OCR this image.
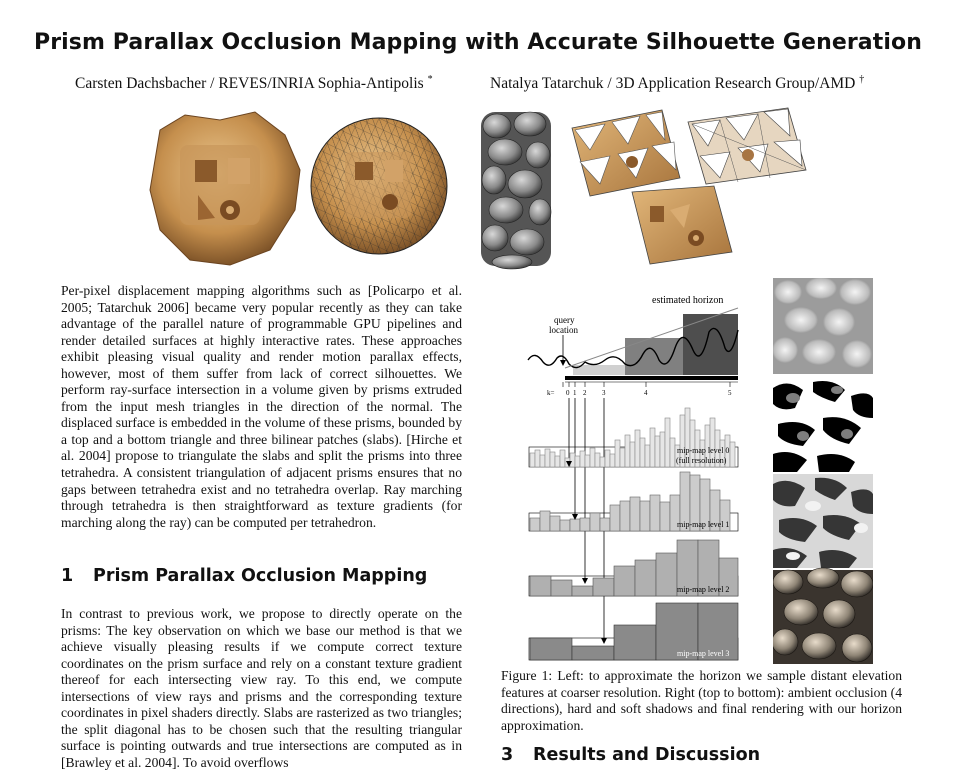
Prism Parallax Occlusion Mapping with Accurate Silhouette Generation
Carsten Dachsbacher / REVES/INRIA Sophia-Antipolis *	Natalya Tatarchuk / 3D Application Research Group/AMD †

Per-pixel displacement mapping algorithms such as [Policarpo et al. 2005; Tatarchuk 2006] became very popular recently as they can take advantage of the parallel nature of programmable GPU pipelines and render detailed surfaces at highly interactive rates. These approaches exhibit pleasing visual quality and render motion parallax effects, however, most of them suffer from lack of correct silhouettes. We perform ray-surface intersection in a volume given by prisms extruded from the input mesh triangles in the direction of the normal. The displaced surface is embedded in the volume of these prisms, bounded by a top and a bottom triangle and three bilinear patches (slabs). [Hirche et al. 2004] propose to triangulate the slabs and split the prisms into three tetrahedra. A consistent triangulation of adjacent prisms ensures that no gaps between tetrahedra exist and no tetrahedra overlap. Ray marching through tetrahedra is then straightforward as texture gradients (for marching along the ray) can be computed per tetrahedron.

1 Prism Parallax Occlusion Mapping

In contrast to previous work, we propose to directly operate on the prisms: The key observation on which we base our method is that we achieve visually pleasing results if we compute correct texture coordinates on the prism surface and rely on a constant texture gradient thereof for each intersecting view ray. To this end, we compute intersections of view rays and prisms and the corresponding texture coordinates in pixel shaders directly. Slabs are rasterized as two triangles; the split diagonal has to be chosen such that the resulting triangular surface is pointing outwards and true intersections are computed as in [Brawley et al. 2004]. To avoid overflows

estimated horizon
query
location
k= 0 1 2 3	4	5
mip-map level 0
(full resolution)
mip-map level 1
mip-map level 2
mip-map level 3

Figure 1: Left: to approximate the horizon we sample distant elevation features at coarser resolution. Right (top to bottom): ambient occlusion (4 directions), hard and soft shadows and final rendering with our horizon approximation.

3 Results and Discussion
